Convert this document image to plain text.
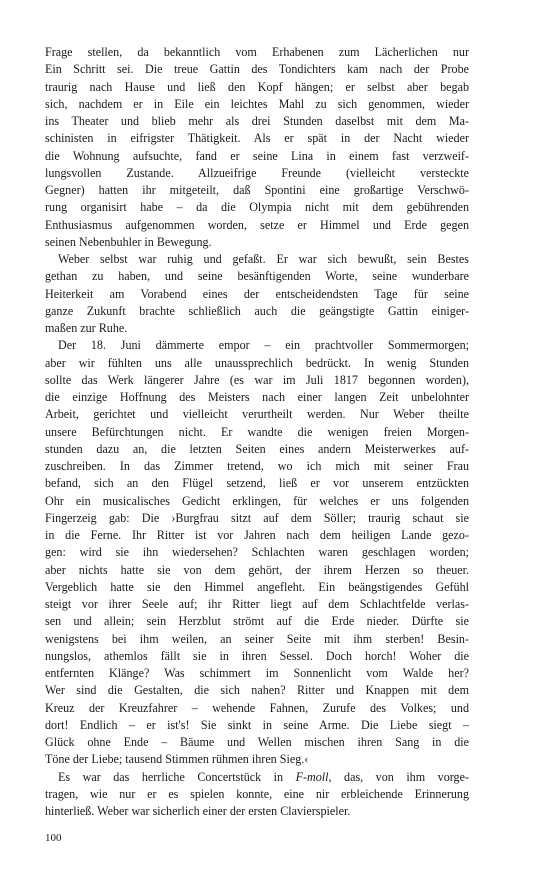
Frage stellen, da bekanntlich vom Erhabenen zum Lächerlichen nur
Ein Schritt sei. Die treue Gattin des Tondichters kam nach der Probe
traurig nach Hause und ließ den Kopf hängen; er selbst aber begab
sich, nachdem er in Eile ein leichtes Mahl zu sich genommen, wieder
ins Theater und blieb mehr als drei Stunden daselbst mit dem Ma-
schinisten in eifrigster Thätigkeit. Als er spät in der Nacht wieder
die Wohnung aufsuchte, fand er seine Lina in einem fast verzweif-
lungsvollen Zustande. Allzueifrige Freunde (vielleicht versteckte
Gegner) hatten ihr mitgeteilt, daß Spontini eine großartige Verschwö-
rung organisirt habe – da die Olympia nicht mit dem gebührenden
Enthusiasmus aufgenommen worden, setze er Himmel und Erde gegen
seinen Nebenbuhler in Bewegung.
Weber selbst war ruhig und gefaßt. Er war sich bewußt, sein Bestes
gethan zu haben, und seine besänftigenden Worte, seine wunderbare
Heiterkeit am Vorabend eines der entscheidendsten Tage für seine
ganze Zukunft brachte schließlich auch die geängstigte Gattin einiger-
maßen zur Ruhe.
Der 18. Juni dämmerte empor – ein prachtvoller Sommermorgen;
aber wir fühlten uns alle unaussprechlich bedrückt. In wenig Stunden
sollte das Werk längerer Jahre (es war im Juli 1817 begonnen worden),
die einzige Hoffnung des Meisters nach einer langen Zeit unbelohnter
Arbeit, gerichtet und vielleicht verurtheilt werden. Nur Weber theilte
unsere Befürchtungen nicht. Er wandte die wenigen freien Morgen-
stunden dazu an, die letzten Seiten eines andern Meisterwerkes auf-
zuschreiben. In das Zimmer tretend, wo ich mich mit seiner Frau
befand, sich an den Flügel setzend, ließ er vor unserem entzückten
Ohr ein musicalisches Gedicht erklingen, für welches er uns folgenden
Fingerzeig gab: Die ›Burgfrau sitzt auf dem Söller; traurig schaut sie
in die Ferne. Ihr Ritter ist vor Jahren nach dem heiligen Lande gezo-
gen: wird sie ihn wiedersehen? Schlachten waren geschlagen worden;
aber nichts hatte sie von dem gehört, der ihrem Herzen so theuer.
Vergeblich hatte sie den Himmel angefleht. Ein beängstigendes Gefühl
steigt vor ihrer Seele auf; ihr Ritter liegt auf dem Schlachtfelde verlas-
sen und allein; sein Herzblut strömt auf die Erde nieder. Dürfte sie
wenigstens bei ihm weilen, an seiner Seite mit ihm sterben! Besin-
nungslos, athemlos fällt sie in ihren Sessel. Doch horch! Woher die
entfernten Klänge? Was schimmert im Sonnenlicht vom Walde her?
Wer sind die Gestalten, die sich nahen? Ritter und Knappen mit dem
Kreuz der Kreuzfahrer – wehende Fahnen, Zurufe des Volkes; und
dort! Endlich – er ist's! Sie sinkt in seine Arme. Die Liebe siegt –
Glück ohne Ende – Bäume und Wellen mischen ihren Sang in die
Töne der Liebe; tausend Stimmen rühmen ihren Sieg.‹
Es war das herrliche Concertstück in F-moll, das, von ihm vorge-
tragen, wie nur er es spielen konnte, eine nir erbleichende Erinnerung
hinterließ. Weber war sicherlich einer der ersten Clavierspieler.
100
